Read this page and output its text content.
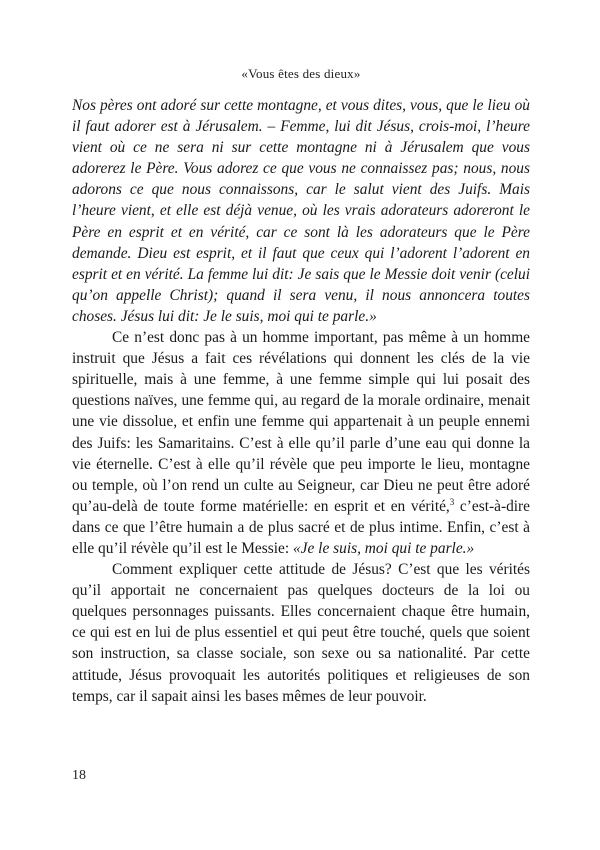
«Vous êtes des dieux»

Nos pères ont adoré sur cette montagne, et vous dites, vous, que le lieu où il faut adorer est à Jérusalem. – Femme, lui dit Jésus, crois-moi, l’heure vient où ce ne sera ni sur cette montagne ni à Jérusalem que vous adorerez le Père. Vous adorez ce que vous ne connaissez pas; nous, nous adorons ce que nous connaissons, car le salut vient des Juifs. Mais l’heure vient, et elle est déjà venue, où les vrais adorateurs adoreront le Père en esprit et en vérité, car ce sont là les adorateurs que le Père demande. Dieu est esprit, et il faut que ceux qui l’adorent l’adorent en esprit et en vérité. La femme lui dit: Je sais que le Messie doit venir (celui qu’on appelle Christ); quand il sera venu, il nous annoncera toutes choses. Jésus lui dit: Je le suis, moi qui te parle.»

Ce n’est donc pas à un homme important, pas même à un homme instruit que Jésus a fait ces révélations qui donnent les clés de la vie spirituelle, mais à une femme, à une femme simple qui lui posait des questions naïves, une femme qui, au regard de la morale ordinaire, menait une vie dissolue, et enfin une femme qui appartenait à un peuple ennemi des Juifs: les Samaritains. C’est à elle qu’il parle d’une eau qui donne la vie éternelle. C’est à elle qu’il révèle que peu importe le lieu, montagne ou temple, où l’on rend un culte au Seigneur, car Dieu ne peut être adoré qu’au-delà de toute forme matérielle: en esprit et en vérité,$^3$ c’est-à-dire dans ce que l’être humain a de plus sacré et de plus intime. Enfin, c’est à elle qu’il révèle qu’il est le Messie: «Je le suis, moi qui te parle.»

Comment expliquer cette attitude de Jésus? C’est que les vérités qu’il apportait ne concernaient pas quelques docteurs de la loi ou quelques personnages puissants. Elles concernaient chaque être humain, ce qui est en lui de plus essentiel et qui peut être touché, quels que soient son instruction, sa classe sociale, son sexe ou sa nationalité. Par cette attitude, Jésus provoquait les autorités politiques et religieuses de son temps, car il sapait ainsi les bases mêmes de leur pouvoir.

18
